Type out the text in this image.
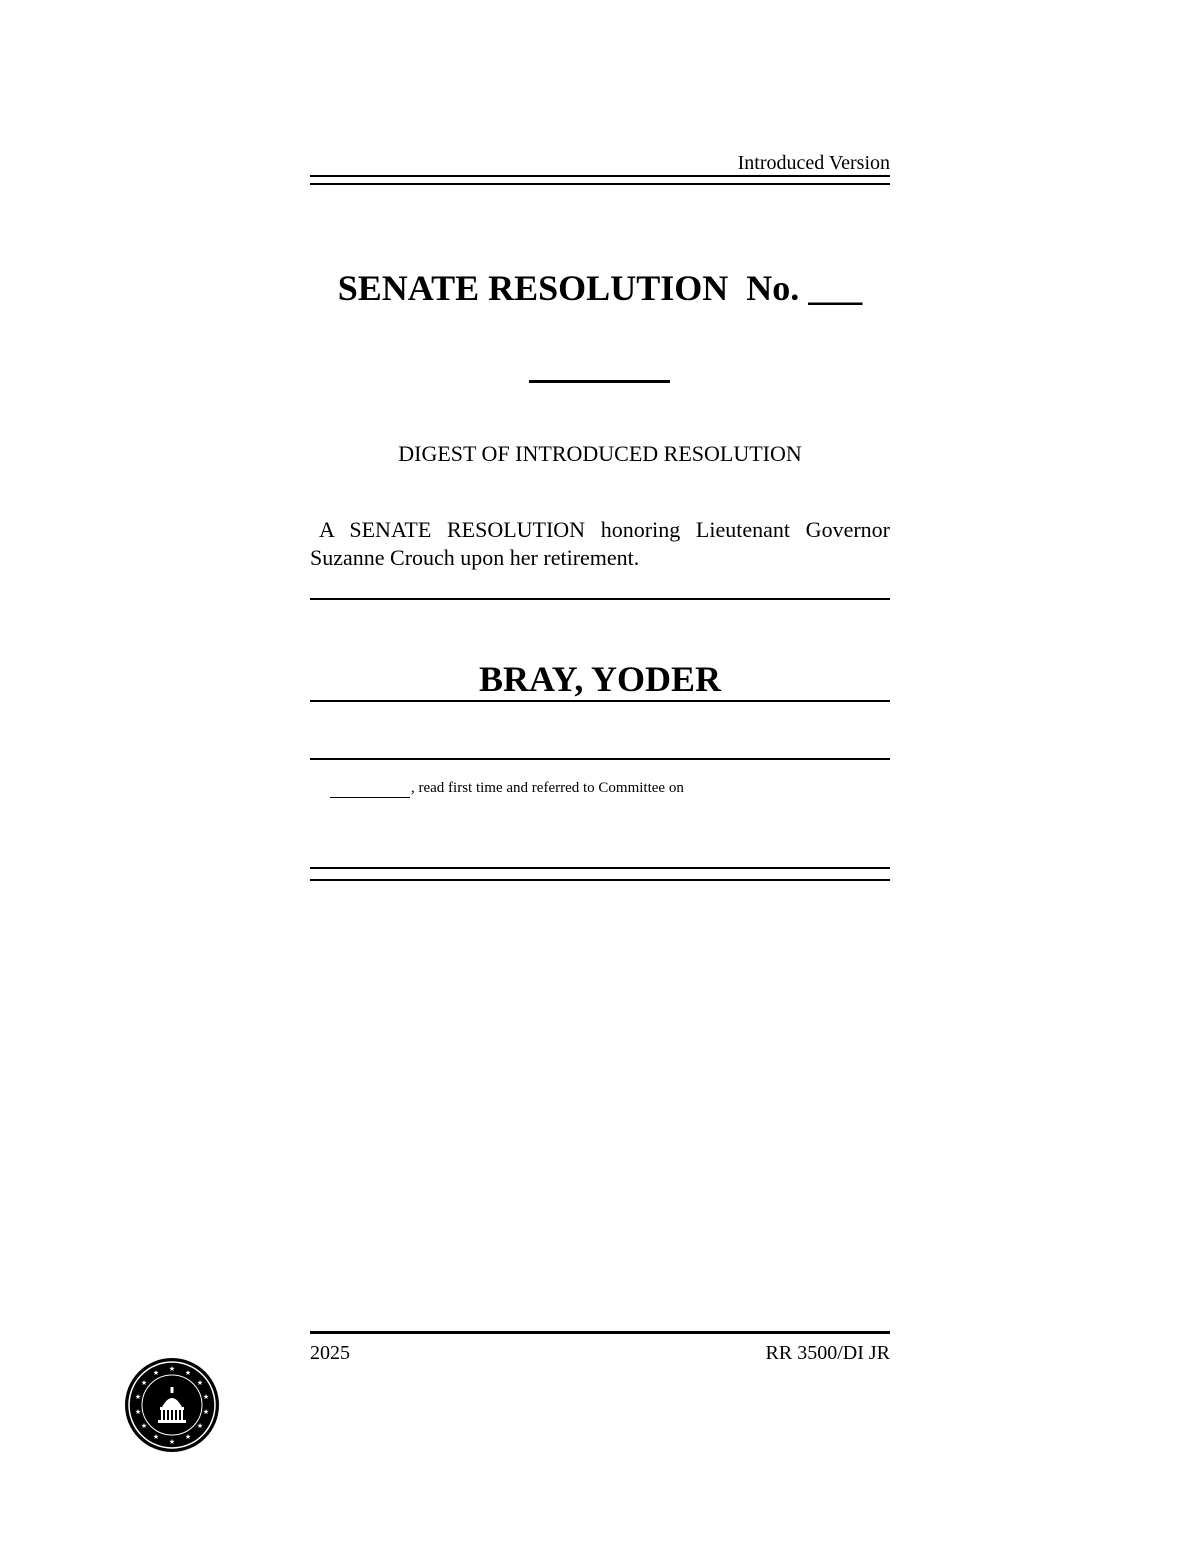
Introduced Version
SENATE RESOLUTION  No. ___
DIGEST OF INTRODUCED RESOLUTION
A SENATE RESOLUTION honoring Lieutenant Governor Suzanne Crouch upon her retirement.
BRAY, YODER
, read first time and referred to Committee on
2025	RR 3500/DI JR
★ ★
★
★
★
★
★
★
★
★
★
★
★
★
